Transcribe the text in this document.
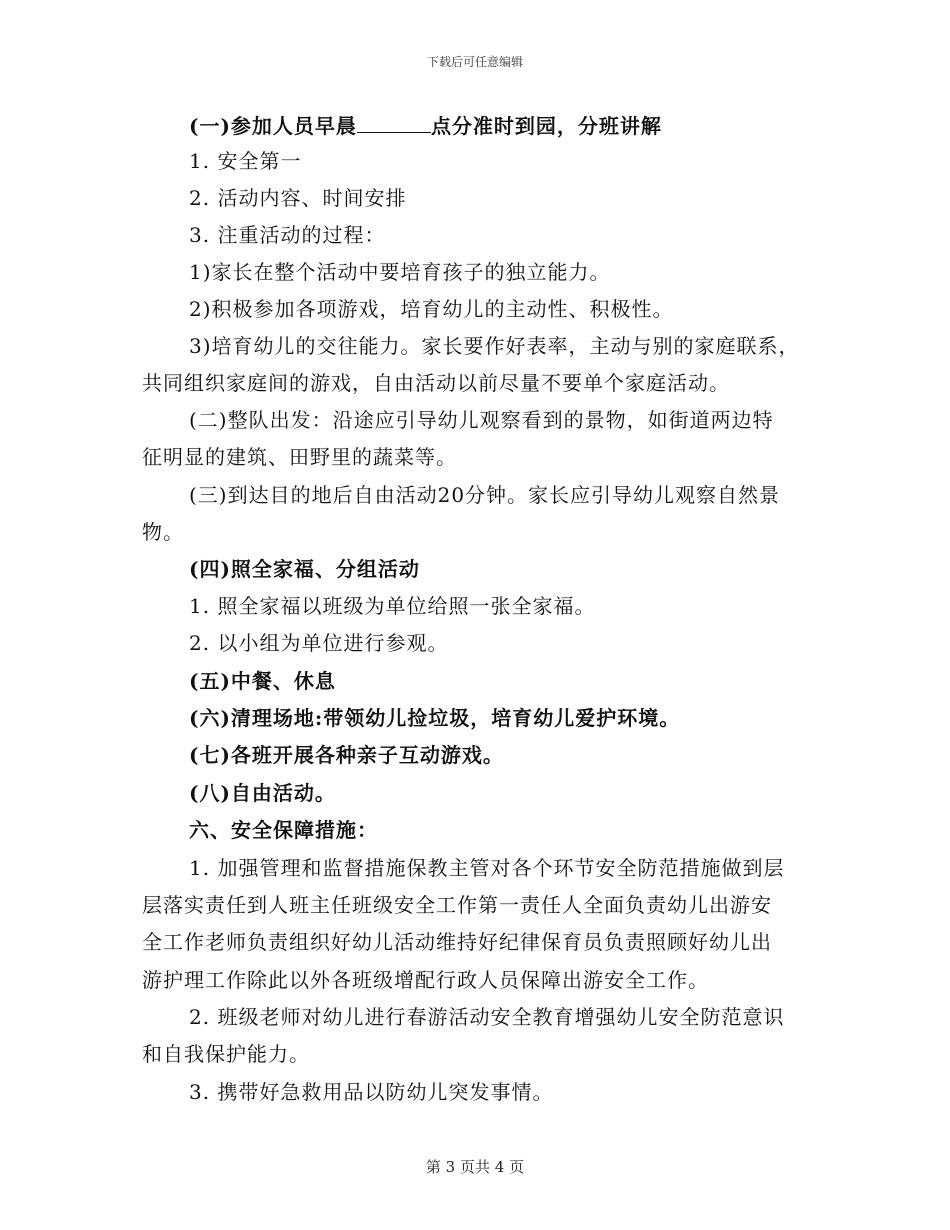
下载后可任意编辑
(一)参加人员早晨	点分准时到园，分班讲解
1. 安全第一
2. 活动内容、时间安排
3. 注重活动的过程：
1)家长在整个活动中要培育孩子的独立能力。
2)积极参加各项游戏，培育幼儿的主动性、积极性。
3)培育幼儿的交往能力。家长要作好表率，主动与别的家庭联系，
共同组织家庭间的游戏，自由活动以前尽量不要单个家庭活动。
(二)整队出发：沿途应引导幼儿观察看到的景物，如街道两边特
征明显的建筑、田野里的蔬菜等。
(三)到达目的地后自由活动20分钟。家长应引导幼儿观察自然景
物。
(四)照全家福、分组活动
1. 照全家福以班级为单位给照一张全家福。
2. 以小组为单位进行参观。
(五)中餐、休息
(六)清理场地:带领幼儿捡垃圾，培育幼儿爱护环境。
(七)各班开展各种亲子互动游戏。
(八)自由活动。
六、安全保障措施：
1. 加强管理和监督措施保教主管对各个环节安全防范措施做到层
层落实责任到人班主任班级安全工作第一责任人全面负责幼儿出游安
全工作老师负责组织好幼儿活动维持好纪律保育员负责照顾好幼儿出
游护理工作除此以外各班级增配行政人员保障出游安全工作。
2. 班级老师对幼儿进行春游活动安全教育增强幼儿安全防范意识
和自我保护能力。
3. 携带好急救用品以防幼儿突发事情。
第 3 页共 4 页
